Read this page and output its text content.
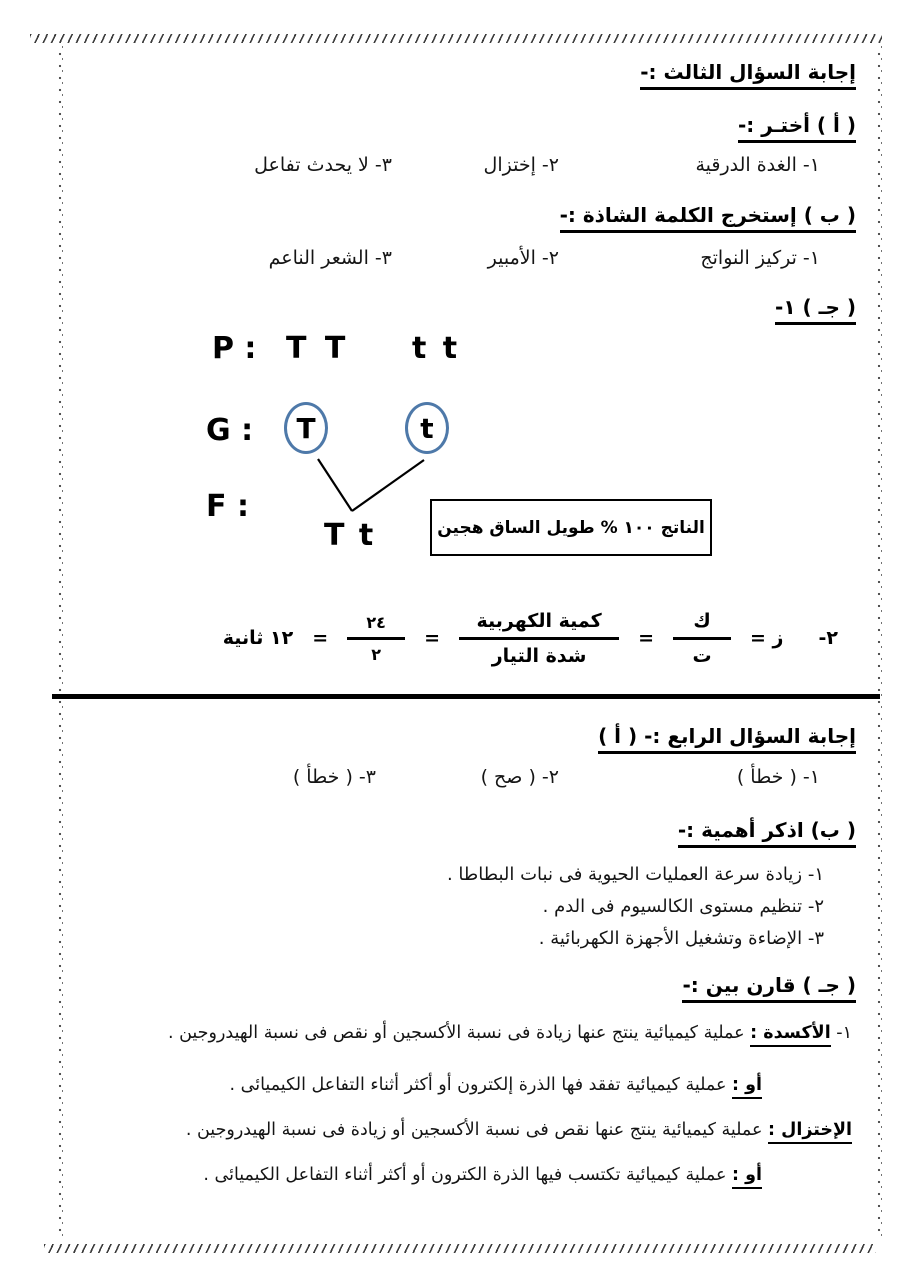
إجابة السؤال الثالث :-
( أ ) أختـر :-
١- الغدة الدرقية
٢- إختزال
٣- لا يحدث تفاعل
( ب ) إستخرج الكلمة الشاذة :-
١- تركيز النواتج
٢- الأمبير
٣- الشعر الناعم
( جـ ) ١-
P : T T t t
G : T	t
F :
T t	الناتج ١٠٠ % طويل الساق هجين
٢-
ز =
$\frac{\text{ك}}{\text{ت}}$
=
$\frac{\text{كمية الكهربية}}{\text{شدة التيار}}$
=
$\frac{٢٤}{٢}$
=
١٢ ثانية
إجابة السؤال الرابع :- ( أ )
١- ( خطأ )
٢- ( صح )
٣- ( خطأ )
( ب) اذكر أهمية :-
١- زيادة سرعة العمليات الحيوية فى نبات البطاطا .
٢- تنظيم مستوى الكالسيوم فى الدم .
٣- الإضاءة وتشغيل الأجهزة الكهربائية .
( جـ ) قارن بين :-
١- الأكسدة : عملية كيميائية ينتج عنها زيادة فى نسبة الأكسجين أو نقص فى نسبة الهيدروجين .
أو : عملية كيميائية تفقد فها الذرة إلكترون أو أكثر أثناء التفاعل الكيميائى .
الإختزال : عملية كيميائية ينتج عنها نقص فى نسبة الأكسجين أو زيادة فى نسبة الهيدروجين .
أو : عملية كيميائية تكتسب فيها الذرة الكترون أو أكثر أثناء التفاعل الكيميائى .
